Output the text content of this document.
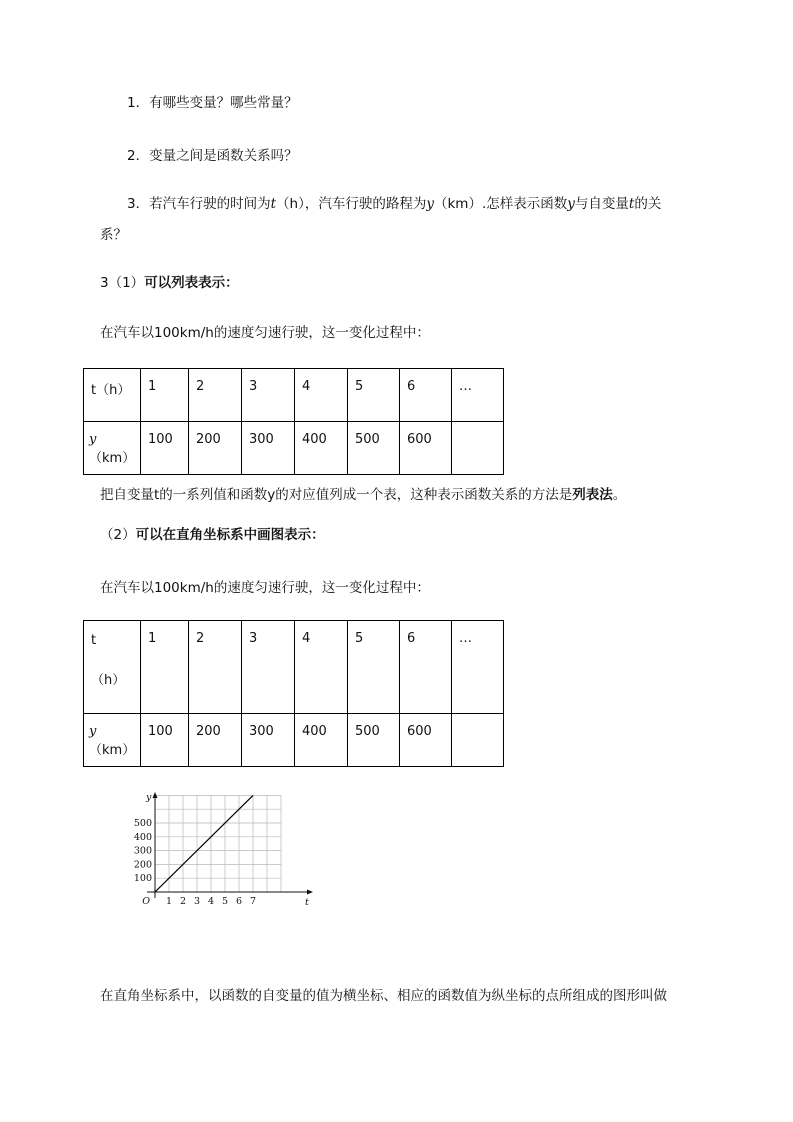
1．有哪些变量？哪些常量？
2．变量之间是函数关系吗？
3．若汽车行驶的时间为t（h），汽车行驶的路程为y（km）.怎样表示函数y与自变量t的关
系？
3（1）可以列表表示：
在汽车以100km/h的速度匀速行驶，这一变化过程中：
t（h）	1	2	3	4	5	6	…
y（km）	100	200	300	400	500	600	
把自变量t的一系列值和函数y的对应值列成一个表，这种表示函数关系的方法是列表法。
（2）可以在直角坐标系中画图表示：
在汽车以100km/h的速度匀速行驶，这一变化过程中：
t
（h）	1	2	3	4	5	6	…
y（km）	100	200	300	400	500	600	
1 2 3 4 5 6 7
100
200
300
400
500
O	t
y
在直角坐标系中，以函数的自变量的值为横坐标、相应的函数值为纵坐标的点所组成的图形叫做
